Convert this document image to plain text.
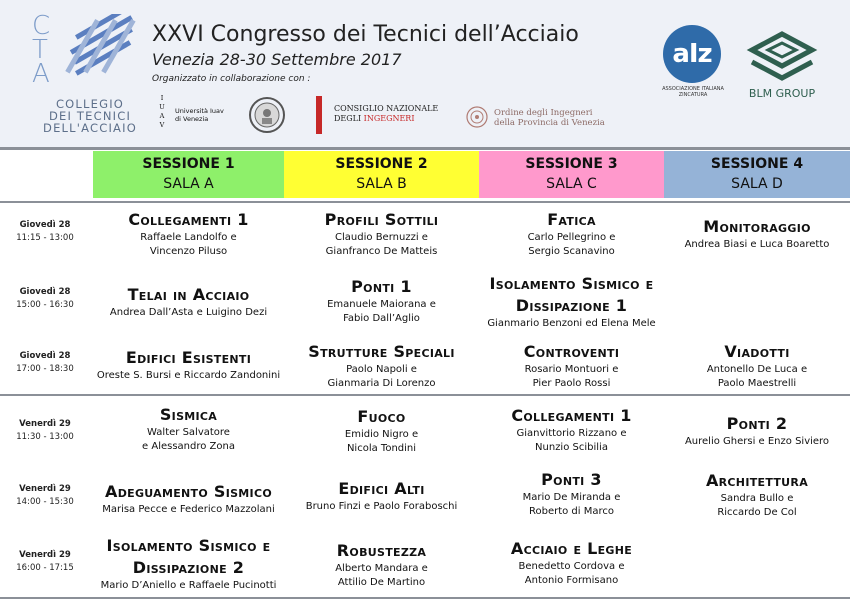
C
T
A
COLLEGIO
DEI TECNICI
DELL'ACCIAIO
XXVI Congresso dei Tecnici dell’Acciaio
Venezia 28-30 Settembre 2017
Organizzato in collaborazione con :
I
U
A
V
Università Iuav
di Venezia
CONSIGLIO NAZIONALE
DEGLI INGEGNERI
Ordine degli Ingegneri
della Provincia di Venezia
aIz
ASSOCIAZIONE ITALIANA
ZINCATURA	BLM GROUP
SESSIONE 1
SALA A
SESSIONE 2
SALA B
SESSIONE 3
SALA C
SESSIONE 4
SALA D
Giovedì 28
11:15 - 13:00
Giovedì 28
15:00 - 16:30
Giovedì 28
17:00 - 18:30
Venerdì 29
11:30 - 13:00
Venerdì 29
14:00 - 15:30
Venerdì 29
16:00 - 17:15
Collegamenti 1
Raffaele Landolfo e
Vincenzo Piluso
Profili Sottili
Claudio Bernuzzi e
Gianfranco De Matteis
Fatica
Carlo Pellegrino e
Sergio Scanavino
Monitoraggio
Andrea Biasi e Luca Boaretto
Telai in Acciaio
Andrea Dall’Asta e Luigino Dezi
Ponti 1
Emanuele Maiorana e
Fabio Dall’Aglio
Isolamento Sismico e
Dissipazione 1
Gianmario Benzoni ed Elena Mele
Edifici Esistenti
Oreste S. Bursi e Riccardo Zandonini
Strutture Speciali
Paolo Napoli e
Gianmaria Di Lorenzo
Controventi
Rosario Montuori e
Pier Paolo Rossi
Viadotti
Antonello De Luca e
Paolo Maestrelli
Sismica
Walter Salvatore
e Alessandro Zona
Fuoco
Emidio Nigro e
Nicola Tondini
Collegamenti 1
Gianvittorio Rizzano e
Nunzio Scibilia
Ponti 2
Aurelio Ghersi e Enzo Siviero
Adeguamento Sismico
Marisa Pecce e Federico Mazzolani
Edifici Alti
Bruno Finzi e Paolo Foraboschi
Ponti 3
Mario De Miranda e
Roberto di Marco
Architettura
Sandra Bullo e
Riccardo De Col
Isolamento Sismico e
Dissipazione 2
Mario D’Aniello e Raffaele Pucinotti
Robustezza
Alberto Mandara e
Attilio De Martino
Acciaio e Leghe
Benedetto Cordova e
Antonio Formisano
